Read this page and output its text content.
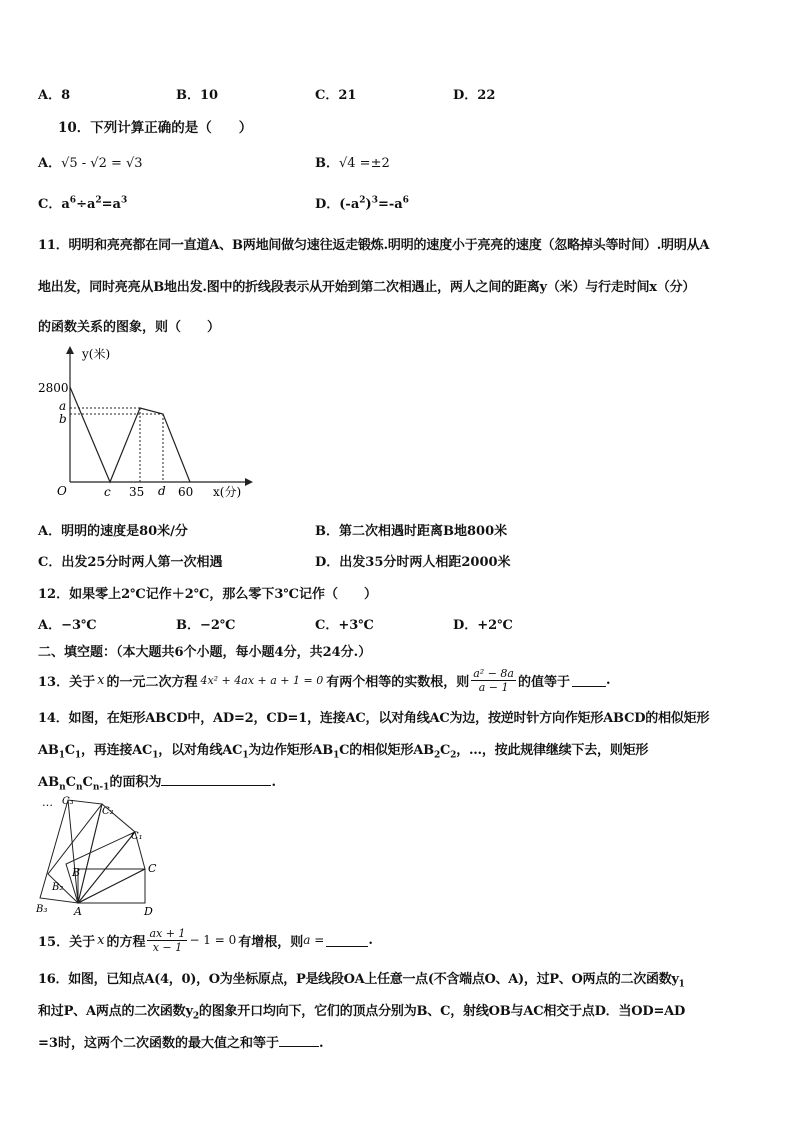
A．8	B．10	C．21	D．22
10．下列计算正确的是（　　）
A．√5 - √2 = √3	B．√4 =±2
C．$a^6\div a^2=a^3$	D．$(-a^2)^3=-a^6$
11．明明和亮亮都在同一直道A、B两地间做匀速往返走锻炼.明明的速度小于亮亮的速度（忽略掉头等时间）.明明从A
地出发，同时亮亮从B地出发.图中的折线段表示从开始到第二次相遇止，两人之间的距离y（米）与行走时间x（分）
的函数关系的图象，则（　　）
y(米)
x(分)
2800
a
b
O	c 35 d 60
A．明明的速度是80米/分	B．第二次相遇时距离B地800米
C．出发25分时两人第一次相遇	D．出发35分时两人相距2000米
12．如果零上2℃记作＋2℃，那么零下3℃记作（　　）
A．−3℃	B．−2℃	C．+3℃	D．+2℃
二、填空题：（本大题共6个小题，每小题4分，共24分.）
13．关于 x 的一元二次方程 4x² + 4ax + a + 1 = 0 有两个相等的实数根，则 $\frac{\text{a² − 8a}}{a - 1}$ 的值等于	.
14．如图，在矩形ABCD中，AD=2，CD=1，连接AC，以对角线AC为边，按逆时针方向作矩形ABCD的相似矩形
$AB_1C_1$，再连接$AC_1$，以对角线$AC_1$为边作矩形$AB_1C$的相似矩形$AB_2C_2$，…，按此规律继续下去，则矩形
$AB_nC_nC_{n-1}$的面积为	.
… C₃
C₂
C₁
C
B
B₂
B₃ A	D
15．关于 x 的方程 $\frac{ax + 1}{x - 1} - 1 = 0$ 有增根，则 a =	.
16．如图，已知点A(4，0)，O为坐标原点，P是线段OA上任意一点(不含端点O、A)，过P、O两点的二次函数$y_1$
和过P、A两点的二次函数$y_2$的图象开口均向下，它们的顶点分别为B、C，射线OB与AC相交于点D．当OD=AD
=3时，这两个二次函数的最大值之和等于	.
